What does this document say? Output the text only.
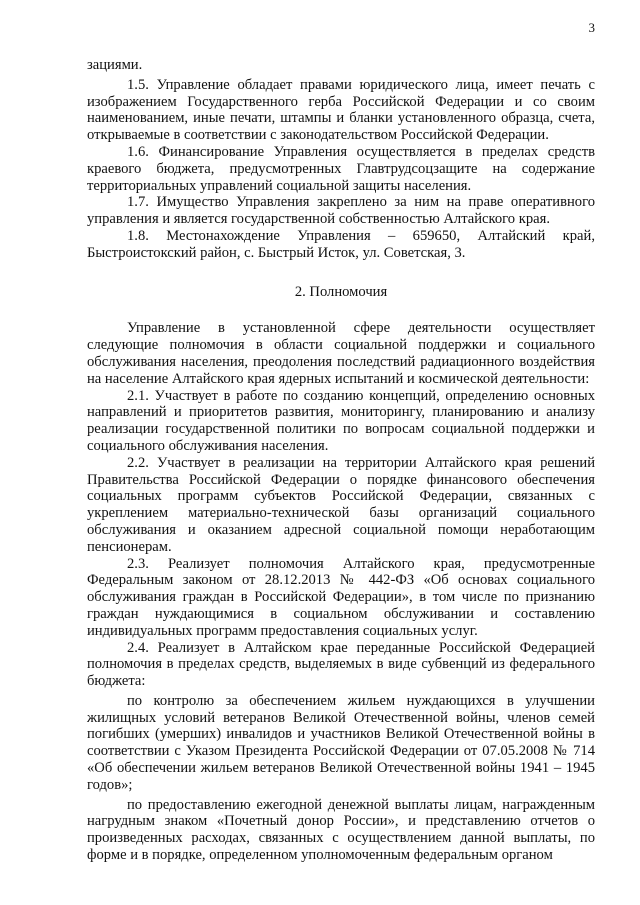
3

зациями.

1.5. Управление обладает правами юридического лица, имеет печать с изображением Государственного герба Российской Федерации и со своим наименованием, иные печати, штампы и бланки установленного образца, счета, открываемые в соответствии с законодательством Российской Федерации.

1.6. Финансирование Управления осуществляется в пределах средств краевого бюджета, предусмотренных Главтрудсоцзащите на содержание территориальных управлений социальной защиты населения.

1.7. Имущество Управления закреплено за ним на праве оперативного управления и является государственной собственностью Алтайского края.

1.8. Местонахождение Управления – 659650, Алтайский край, Быстроистокский район, с. Быстрый Исток, ул. Советская, 3.

2. Полномочия

Управление в установленной сфере деятельности осуществляет следующие полномочия в области социальной поддержки и социального обслуживания населения, преодоления последствий радиационного воздействия на население Алтайского края ядерных испытаний и космической деятельности:

2.1. Участвует в работе по созданию концепций, определению основных направлений и приоритетов развития, мониторингу, планированию и анализу реализации государственной политики по вопросам социальной поддержки и социального обслуживания населения.

2.2. Участвует в реализации на территории Алтайского края решений Правительства Российской Федерации о порядке финансового обеспечения социальных программ субъектов Российской Федерации, связанных с укреплением материально-технической базы организаций социального обслуживания и оказанием адресной социальной помощи неработающим пенсионерам.

2.3. Реализует полномочия Алтайского края, предусмотренные Федеральным законом от 28.12.2013 № 442-ФЗ «Об основах социального обслуживания граждан в Российской Федерации», в том числе по признанию граждан нуждающимися в социальном обслуживании и составлению индивидуальных программ предоставления социальных услуг.

2.4. Реализует в Алтайском крае переданные Российской Федерацией полномочия в пределах средств, выделяемых в виде субвенций из федерального бюджета:

по контролю за обеспечением жильем нуждающихся в улучшении жилищных условий ветеранов Великой Отечественной войны, членов семей погибших (умерших) инвалидов и участников Великой Отечественной войны в соответствии с Указом Президента Российской Федерации от 07.05.2008 № 714 «Об обеспечении жильем ветеранов Великой Отечественной войны 1941 – 1945 годов»;

по предоставлению ежегодной денежной выплаты лицам, награжденным нагрудным знаком «Почетный донор России», и представлению отчетов о произведенных расходах, связанных с осуществлением данной выплаты, по форме и в порядке, определенном уполномоченным федеральным органом
